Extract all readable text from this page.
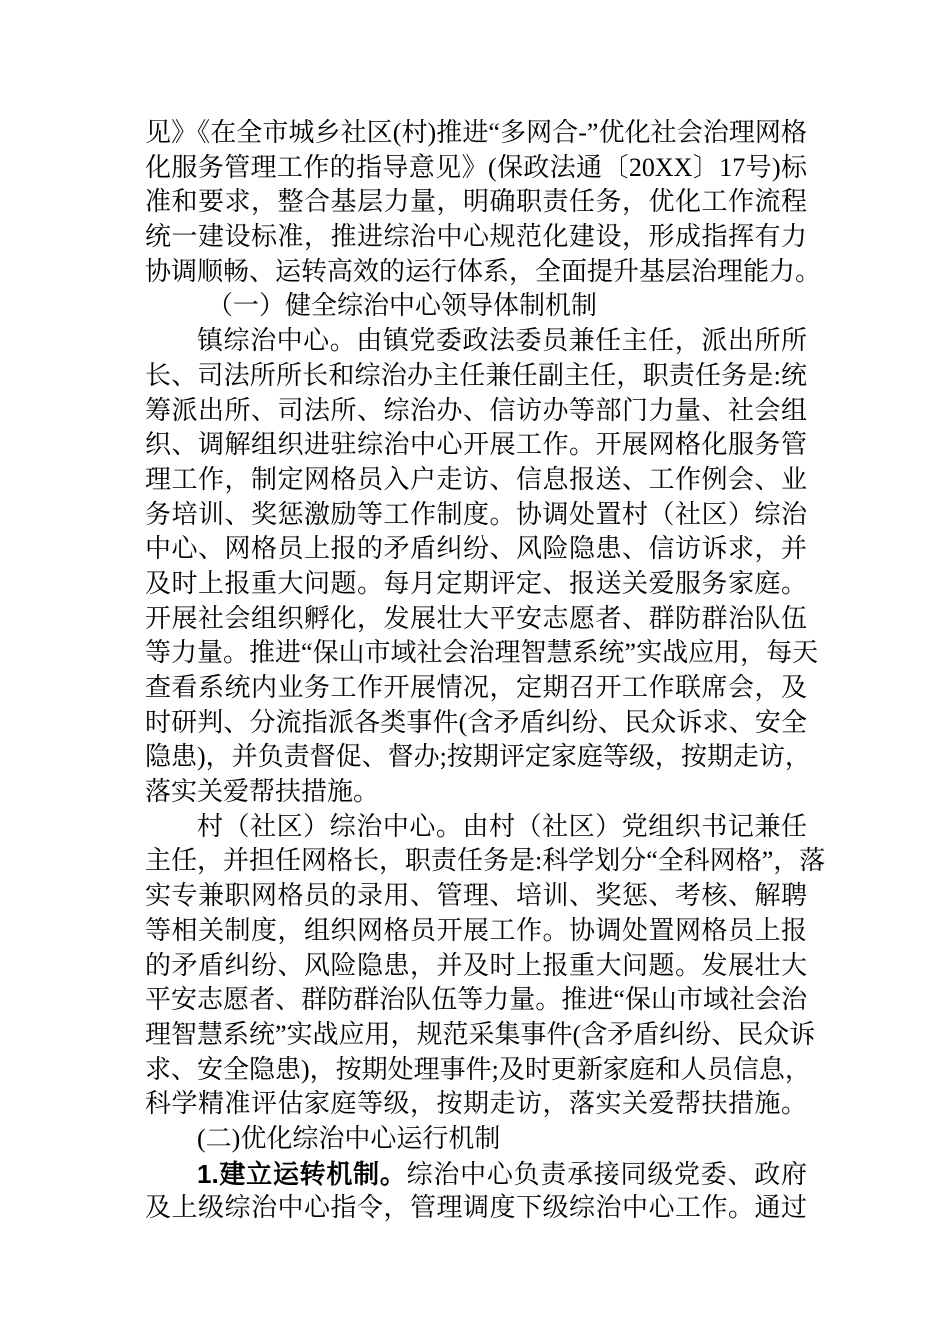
见》《在全市城乡社区(村)推进“多网合-”优化社会治理网格
化服务管理工作的指导意见》(保政法通〔20XX〕17号)标
准和要求，整合基层力量，明确职责任务，优化工作流程
统一建设标准，推进综治中心规范化建设，形成指挥有力
协调顺畅、运转高效的运行体系，全面提升基层治理能力。
（一）健全综治中心领导体制机制
镇综治中心。由镇党委政法委员兼任主任，派出所所
长、司法所所长和综治办主任兼任副主任，职责任务是:统
筹派出所、司法所、综治办、信访办等部门力量、社会组
织、调解组织进驻综治中心开展工作。开展网格化服务管
理工作，制定网格员入户走访、信息报送、工作例会、业
务培训、奖惩激励等工作制度。协调处置村（社区）综治
中心、网格员上报的矛盾纠纷、风险隐患、信访诉求，并
及时上报重大问题。每月定期评定、报送关爱服务家庭。
开展社会组织孵化，发展壮大平安志愿者、群防群治队伍
等力量。推进“保山市域社会治理智慧系统”实战应用，每天
查看系统内业务工作开展情况，定期召开工作联席会，及
时研判、分流指派各类事件(含矛盾纠纷、民众诉求、安全
隐患)，并负责督促、督办;按期评定家庭等级，按期走访，
落实关爱帮扶措施。
村（社区）综治中心。由村（社区）党组织书记兼任
主任，并担任网格长，职责任务是:科学划分“全科网格”，落
实专兼职网格员的录用、管理、培训、奖惩、考核、解聘
等相关制度，组织网格员开展工作。协调处置网格员上报
的矛盾纠纷、风险隐患，并及时上报重大问题。发展壮大
平安志愿者、群防群治队伍等力量。推进“保山市域社会治
理智慧系统”实战应用，规范采集事件(含矛盾纠纷、民众诉
求、安全隐患)，按期处理事件;及时更新家庭和人员信息，
科学精准评估家庭等级，按期走访，落实关爱帮扶措施。
(二)优化综治中心运行机制
1.建立运转机制。综治中心负责承接同级党委、政府
及上级综治中心指令，管理调度下级综治中心工作。通过
